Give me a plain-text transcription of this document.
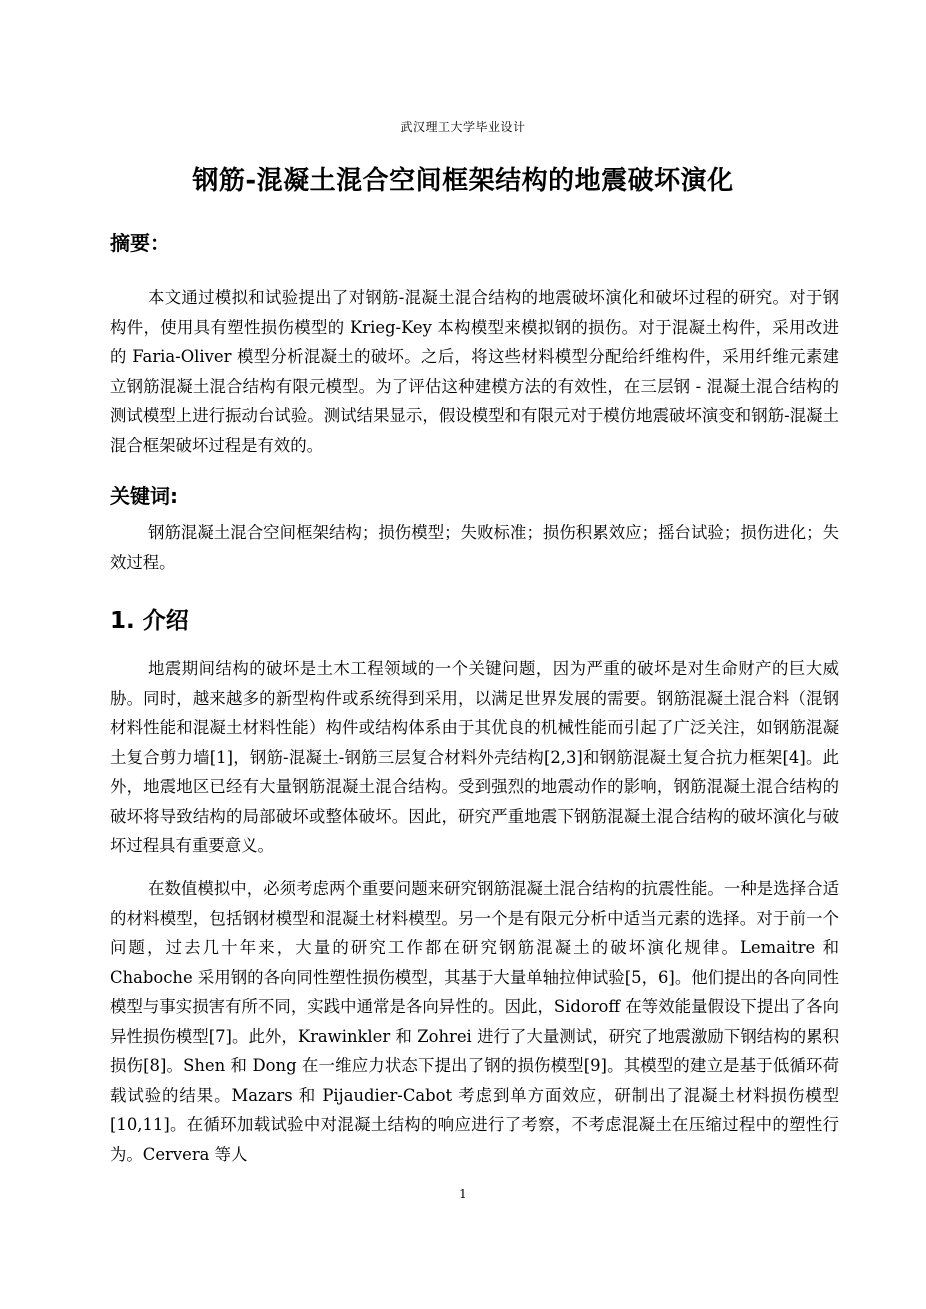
武汉理工大学毕业设计
钢筋-混凝土混合空间框架结构的地震破坏演化
摘要：

本文通过模拟和试验提出了对钢筋-混凝土混合结构的地震破坏演化和破坏过程的研究。对于钢构件，使用具有塑性损伤模型的 Krieg-Key 本构模型来模拟钢的损伤。对于混凝土构件，采用改进的 Faria-Oliver 模型分析混凝土的破坏。之后，将这些材料模型分配给纤维构件，采用纤维元素建立钢筋混凝土混合结构有限元模型。为了评估这种建模方法的有效性，在三层钢 - 混凝土混合结构的测试模型上进行振动台试验。测试结果显示，假设模型和有限元对于模仿地震破坏演变和钢筋-混凝土混合框架破坏过程是有效的。

关键词:

钢筋混凝土混合空间框架结构；损伤模型；失败标准；损伤积累效应；摇台试验；损伤进化；失效过程。

1. 介绍

地震期间结构的破坏是土木工程领域的一个关键问题，因为严重的破坏是对生命财产的巨大威胁。同时，越来越多的新型构件或系统得到采用，以满足世界发展的需要。钢筋混凝土混合料（混钢材料性能和混凝土材料性能）构件或结构体系由于其优良的机械性能而引起了广泛关注，如钢筋混凝土复合剪力墙[1]，钢筋-混凝土-钢筋三层复合材料外壳结构[2,3]和钢筋混凝土复合抗力框架[4]。此外，地震地区已经有大量钢筋混凝土混合结构。受到强烈的地震动作的影响，钢筋混凝土混合结构的破坏将导致结构的局部破坏或整体破坏。因此，研究严重地震下钢筋混凝土混合结构的破坏演化与破坏过程具有重要意义。

在数值模拟中，必须考虑两个重要问题来研究钢筋混凝土混合结构的抗震性能。一种是选择合适的材料模型，包括钢材模型和混凝土材料模型。另一个是有限元分析中适当元素的选择。对于前一个问题，过去几十年来，大量的研究工作都在研究钢筋混凝土的破坏演化规律。Lemaitre 和 Chaboche 采用钢的各向同性塑性损伤模型，其基于大量单轴拉伸试验[5，6]。他们提出的各向同性模型与事实损害有所不同，实践中通常是各向异性的。因此，Sidoroff 在等效能量假设下提出了各向异性损伤模型[7]。此外，Krawinkler 和 Zohrei 进行了大量测试，研究了地震激励下钢结构的累积损伤[8]。Shen 和 Dong 在一维应力状态下提出了钢的损伤模型[9]。其模型的建立是基于低循环荷载试验的结果。Mazars 和 Pijaudier-Cabot 考虑到单方面效应，研制出了混凝土材料损伤模型[10,11]。在循环加载试验中对混凝土结构的响应进行了考察，不考虑混凝土在压缩过程中的塑性行为。Cervera 等人

1
